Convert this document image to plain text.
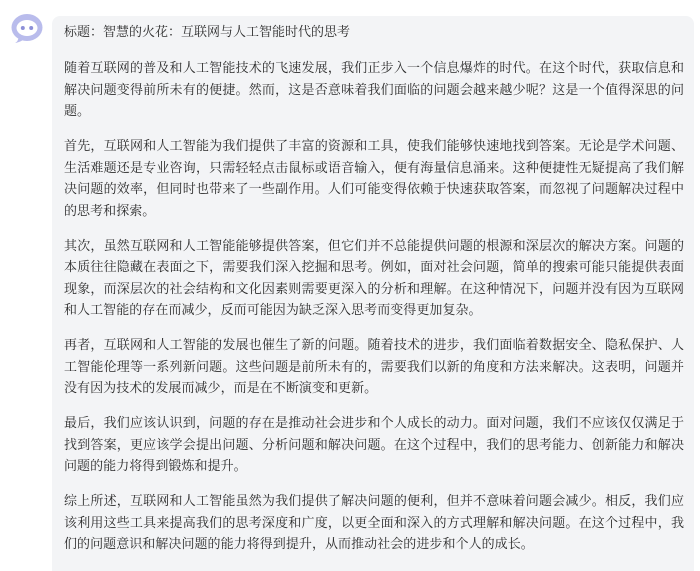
标题：智慧的火花：互联网与人工智能时代的思考

随着互联网的普及和人工智能技术的飞速发展，我们正步入一个信息爆炸的时代。在这个时代，获取信息和解决问题变得前所未有的便捷。然而，这是否意味着我们面临的问题会越来越少呢？这是一个值得深思的问题。

首先，互联网和人工智能为我们提供了丰富的资源和工具，使我们能够快速地找到答案。无论是学术问题、生活难题还是专业咨询，只需轻轻点击鼠标或语音输入，便有海量信息涌来。这种便捷性无疑提高了我们解决问题的效率，但同时也带来了一些副作用。人们可能变得依赖于快速获取答案，而忽视了问题解决过程中的思考和探索。

其次，虽然互联网和人工智能能够提供答案，但它们并不总能提供问题的根源和深层次的解决方案。问题的本质往往隐藏在表面之下，需要我们深入挖掘和思考。例如，面对社会问题，简单的搜索可能只能提供表面现象，而深层次的社会结构和文化因素则需要更深入的分析和理解。在这种情况下，问题并没有因为互联网和人工智能的存在而减少，反而可能因为缺乏深入思考而变得更加复杂。

再者，互联网和人工智能的发展也催生了新的问题。随着技术的进步，我们面临着数据安全、隐私保护、人工智能伦理等一系列新问题。这些问题是前所未有的，需要我们以新的角度和方法来解决。这表明，问题并没有因为技术的发展而减少，而是在不断演变和更新。

最后，我们应该认识到，问题的存在是推动社会进步和个人成长的动力。面对问题，我们不应该仅仅满足于找到答案，更应该学会提出问题、分析问题和解决问题。在这个过程中，我们的思考能力、创新能力和解决问题的能力将得到锻炼和提升。

综上所述，互联网和人工智能虽然为我们提供了解决问题的便利，但并不意味着问题会减少。相反，我们应该利用这些工具来提高我们的思考深度和广度，以更全面和深入的方式理解和解决问题。在这个过程中，我们的问题意识和解决问题的能力将得到提升，从而推动社会的进步和个人的成长。
